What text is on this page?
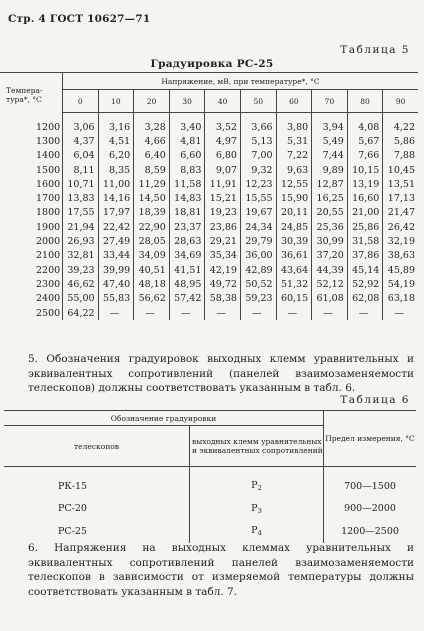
Стр. 4 ГОСТ 10627—71
Таблица 5
Градуировка РС-25
Темпера-
тура*, °С	Напряжение, мВ, при температуре*, °С									
	0	10	20	30	40	50	60	70	80	90

1200	3,06	3,16	3,28	3,40	3,52	3,66	3,80	3,94	4,08	4,22
1300	4,37	4,51	4,66	4,81	4,97	5,13	5,31	5,49	5,67	5,86
1400	6,04	6,20	6,40	6,60	6,80	7,00	7,22	7,44	7,66	7,88
1500	8,11	8,35	8,59	8,83	9,07	9,32	9,63	9,89	10,15	10,45
1600	10,71	11,00	11,29	11,58	11,91	12,23	12,55	12,87	13,19	13,51
1700	13,83	14,16	14,50	14,83	15,21	15,55	15,90	16,25	16,60	17,13
1800	17,55	17,97	18,39	18,81	19,23	19,67	20,11	20,55	21,00	21,47
1900	21,94	22,42	22,90	23,37	23,86	24,34	24,85	25,36	25,86	26,42
2000	26,93	27,49	28,05	28,63	29,21	29,79	30,39	30,99	31,58	32,19
2100	32,81	33,44	34,09	34,69	35,34	36,00	36,61	37,20	37,86	38,63
2200	39,23	39,99	40,51	41,51	42,19	42,89	43,64	44,39	45,14	45,89
2300	46,62	47,40	48,18	48,95	49,72	50,52	51,32	52,12	52,92	54,19
2400	55,00	55,83	56,62	57,42	58,38	59,23	60,15	61,08	62,08	63,18
2500	64,22	—	—	—	—	—	—	—	—	—
5. Обозначения градуировок выходных клемм уравнительных и эквивалентных сопротивлений (панелей взаимозаменяемости телескопов) должны соответствовать указанным в табл. 6.
Таблица 6
Обозначение градуировки		Предел измерения, °С
телескопов	выходных клемм уравнительных и эквивалентных сопротивлений	

РК-15	$P_2$	700—1500
РС-20	$P_3$	900—2000
РС-25	$P_4$	1200—2500
6. Напряжения на выходных клеммах уравнительных и эквивалентных сопротивлений панелей взаимозаменяемости телескопов в зависимости от измеряемой температуры должны соответствовать указанным в табл. 7.
